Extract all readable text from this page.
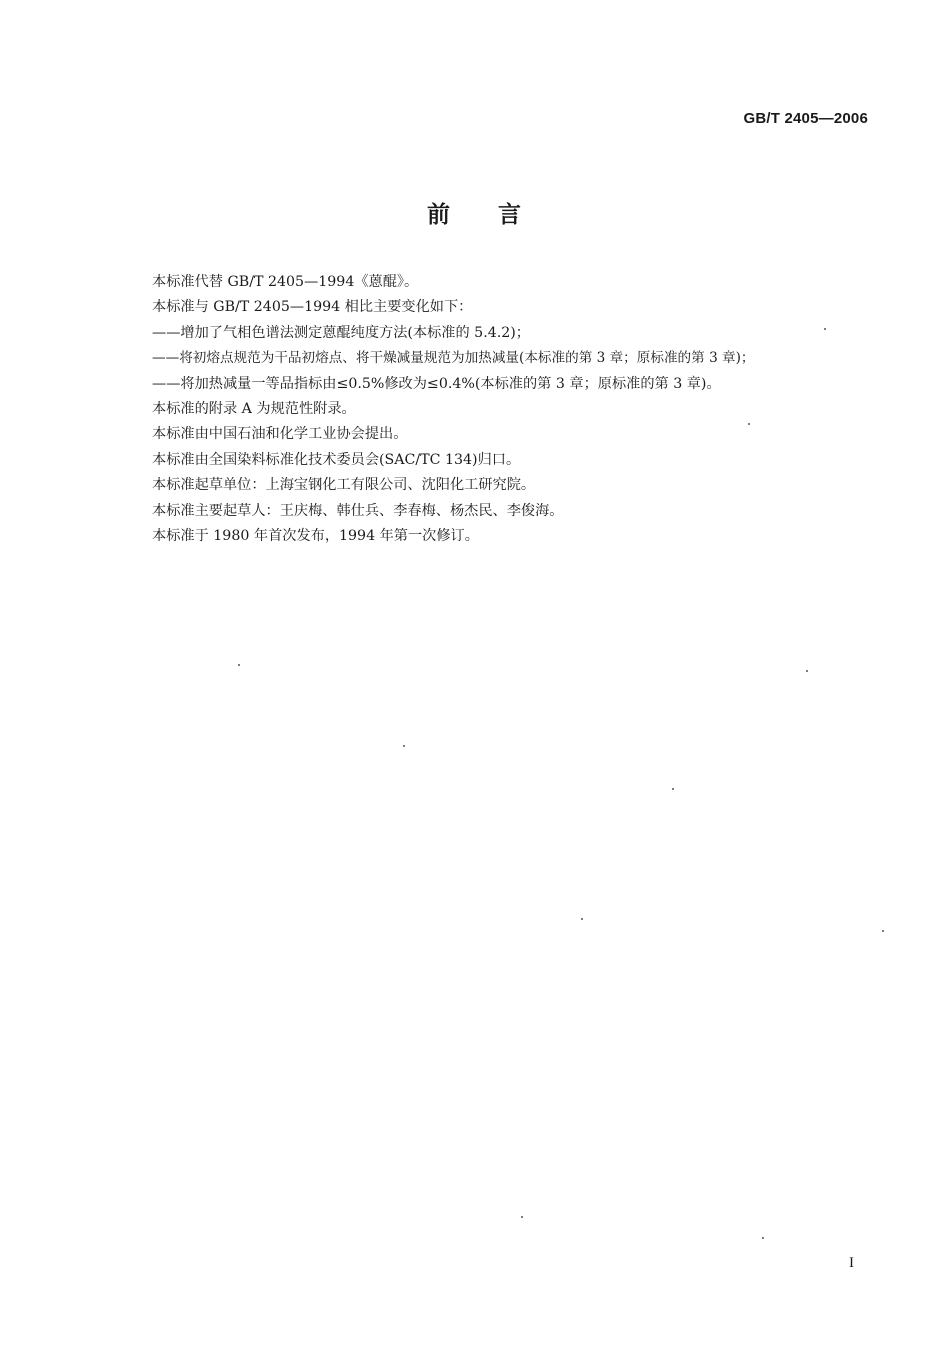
GB/T 2405—2006
前 言
本标准代替 GB/T 2405—1994《蒽醌》。
本标准与 GB/T 2405—1994 相比主要变化如下：
——增加了气相色谱法测定蒽醌纯度方法(本标准的 5.4.2)；
——将初熔点规范为干品初熔点、将干燥减量规范为加热减量(本标准的第 3 章；原标准的第 3 章)；
——将加热减量一等品指标由≤0.5%修改为≤0.4%(本标准的第 3 章；原标准的第 3 章)。
本标准的附录 A 为规范性附录。
本标准由中国石油和化学工业协会提出。
本标准由全国染料标准化技术委员会(SAC/TC 134)归口。
本标准起草单位：上海宝钢化工有限公司、沈阳化工研究院。
本标准主要起草人：王庆梅、韩仕兵、李春梅、杨杰民、李俊海。
本标准于 1980 年首次发布，1994 年第一次修订。
I
